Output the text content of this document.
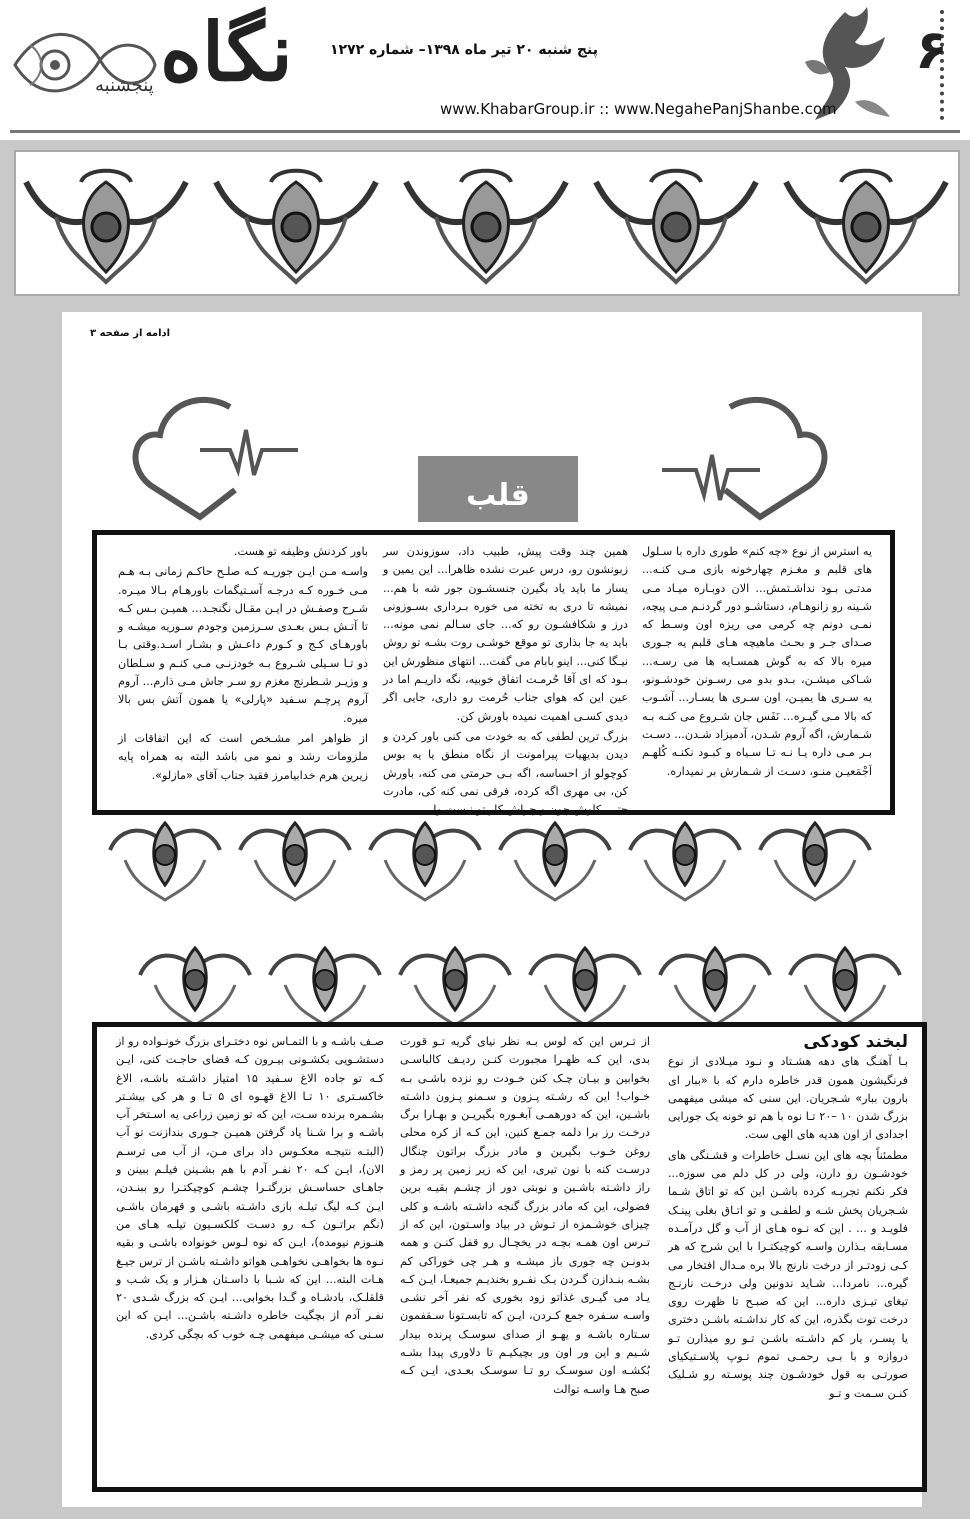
۶
پنج شنبه ۲۰ تیر ماه ۱۳۹۸– شماره ۱۲۷۲
www.KhabarGroup.ir :: www.NegahePanjShanbe.com
نگاه
پنجشنبه
ادامه از صفحه ۳
قلب

یه استرس از نوع «چه کنم» طوری داره با سـلول های قلبم و مغـزم چهارخونه بازی مـی کنـه... مدتـی بـود نداشـتمش... الان دوبـاره میـاد مـی شـینه رو زانوهـام، دستاشـو دور گردنـم مـی پیچه، نمـی دونم چه کرمی می ریزه اون وسـط که صـدای جـر و بحـث ماهیچه هـای قلبم یه جـوری میره بالا که به گوش همسـایه ها می رسـه... شـاکی میشـن، بـدو بدو می رسـونن خودشـونو، یه سـری ها یمیـن، اون سـری ها یسـار... آشـوب که بالا مـی گیـره... نَفَس جان شـروع می کنـه بـه شـمارش، اگه آروم شـدن، آدمیزاد شـدن... دسـت بـر مـی داره یـا نـه تـا سـیاه و کبـود نکنـه کُلهـم اَجْمَعیـن منـو، دسـت از شـمارش بر نمیداره.

همین چند وقت پیش، طبیب داد، سوزوندن سر زبونشون رو، درس عبرت نشده ظاهرا... این یمین و یسار ما باید یاد بگیرن جنسشـون جور شه با هم... نمیشه تا دری به تخته می خوره بـرداری بسـوزونی درز و شکافشـون رو که... جای سـالم نمی مونه... باید یه جا بذاری تو موقع خوشـی روت بشـه تو روش نیـگا کنی... اینو بابام می گفت... انتهای منظورش این بـود که ای آقا حُرمـت اتفاق خوبیه، نگه داریـم اما در عین این که هوای جناب حُرمت رو داری، جایی اگر دیدی کسـی اهمیت نمیده باورش کن.

بزرگ ترین لطفی که به خودت می کنی باور کردن و دیدن بدیهیات پیرامونت از نگاه منطق یا یه بوس کوچولو از احساسه، اگه بـی حرمتی می کنه، باورش کن، بی مهری اگه کرده، فرقی نمی کنه کی، مادرت حتی، کاوش چون و چراش کار تو نیست ولی

باور کردنش وظیفه تو هست.

واسـه مـن ایـن جوریـه کـه صلـح حاکـم زمانی بـه هـم مـی خـوره کـه درجـه آسـتیگمات باورهـام بـالا میـره. شـرح وصفـش در ایـن مقـال نگنجـد... همیـن بـس کـه تا آتـش بـس بعـدی سـرزمین وجودم سـوریه میشـه و باورهـای کـج و کـورم داعـش و بشـار اسـد.وقتی بـا دو تـا سـیلی شـروع بـه خودزنـی مـی کنـم و سـلطان و وزیـر شـطرنج مغزم رو سـر جاش مـی ذارم... آروم آروم پرچـم سـفید «پارلی» یا همون آتش بس بالا میره.

از ظواهر امر مشـخص است که این اتفاقات از ملزومات رشد و نمو می باشد البته به همراه پایه زیرین هرم خدابیامرز فقید جناب آقای «مازلو».

لبخند کودکی

بـا آهنـگ های دهه هشـتاد و نـود میـلادی از نوع فرنگیشون همون قدر خاطره دارم که با «ببار ای بارون ببار» شـجریان. این سنی که میشی میفهمی بزرگ شدن ۱۰ –۲۰ تـا نوه با هم تو خونه یک جورایی اجدادی از اون هدیه های الهی ست.

مطمئناً بچه های این نسـل خاطرات و قشـنگی های خودشـون رو دارن، ولی در کل دلم می سوزه... فکر نکنم تجربـه کرده باشـن این که تو اتاق شـما شـجریان پخش شـه و لطفـی و تو اتـاق بغلی پینـک فلویـد و ... . این که نـوه هـای از آب و گل درآمـده مسـابقه بـذارن واسـه کوچیکتـرا با این شرح که هر کـی زودتـر از درخت نارنج بالا بره مـدال افتخار می گیره... نامردا... شـاید ندونین ولی درخـت نارنـج تیغای تیـزی داره... این که صبـح تا ظهرت روی درخت توت بگذره، این که کار نداشـته باشـن دختری یا پسـر، یار کم داشـته باشـن تـو رو میذارن تـو دروازه و با بـی رحمـی تموم تـوپ پلاسـتیکیای صورتـی به قول خودشـون چند پوسـته رو شـلیک کنـن سـمت و تـو

از تـرس این که لوس بـه نظر نیای گریه تـو قورت بدی، این کـه ظهـرا مجبورت کنـن ردیـف کالباسـی بخوابین و بیـان چـک کنن خـودت رو نزده باشـی بـه خـواب! این که رشـته پـزون و سـمنو پـزون داشـته باشـین، این که دورهمـی آبغـوره بگیریـن و بهـارا برگ درخـت رز برا دلمه جمـع کنین، این کـه از کره محلی روغن خـوب بگیرین و مادر بزرگ براتون چنگال درسـت کنه با نون تیری، این که زیر زمین پر رمز و راز داشـته باشـین و نوبتی دور از چشـم بقیـه برین فضولی، این که مادر بزرگ گنجه داشـته باشـه و کلی چیزای خوشـمزه از تـوش در بیاد واسـتون، این که از تـرس اون همـه بچـه در یخچـال رو قفل کنـن و همه بدونـن چه جوری باز میشـه و هـر چی خوراکی کم بشـه بنـدازن گـردن یـک نفـرو بخندیـم جمیعـا، ایـن کـه یـاد می گیـری غذاتو زود بخوری که نفر آخر نشـی واسـه سـفره جمع کـردن، ایـن که تابسـتونا سـقفمون سـتاره باشـه و یهـو از صدای سوسـک پرنده بیدار شـیم و این ور اون ور بچیکیـم تا دلاوری پیدا بشـه بُکشـه اون سوسـک رو تـا سوسـک بعـدی، ایـن کـه صبح هـا واسـه توالت

صـف باشـه و با التمـاس نوه دختـرای بزرگ خونـواده رو از دستشـویی بکشـونی بیـرون کـه قضای حاجـت کنی، ایـن کـه تو جاده الاغ سـفید ۱۵ امتیاز داشـته باشـه، الاغ خاکسـتری ۱۰ تـا الاغ قهـوه ای ۵ تـا و هر کی بیشـتر بشـمره برنده سـت، این که تو زمین زراعی یه اسـتخر آب باشـه و برا شـنا یاد گرفتن همیـن جـوری بندازنت تو آب (البتـه نتیجـه معکـوس داد برای مـن، از آب می ترسـم الان)، ایـن کـه ۲۰ نفـر آدم با هم بشـینن فیلـم ببینن و جاهـای حساسـش بزرگتـرا چشـم کوچیکتـرا رو ببنـدن، ایـن کـه لیگ تیلـه بازی داشـته باشـی و قهرمان باشـی (نگم براتـون کـه رو دسـت کلکسـیون تیلـه هـای من هنـوزم نیومده)، ایـن که نوه لـوس خونواده باشـی و بقیه نـوه ها بخواهـی نخواهـی هواتو داشـته باشـن از ترس جیـغ هـات البته... این که شـبا با داسـتان هـزار و یک شـب و قلقلـک، بادشـاه و گـدا بخوابی... ایـن که بزرگ شـدی ۲۰ نفـر آدم از بچگیت خاطره داشـته باشـن... ایـن که این سـنی که میشـی میفهمی چـه خوب که بچگی کردی.
